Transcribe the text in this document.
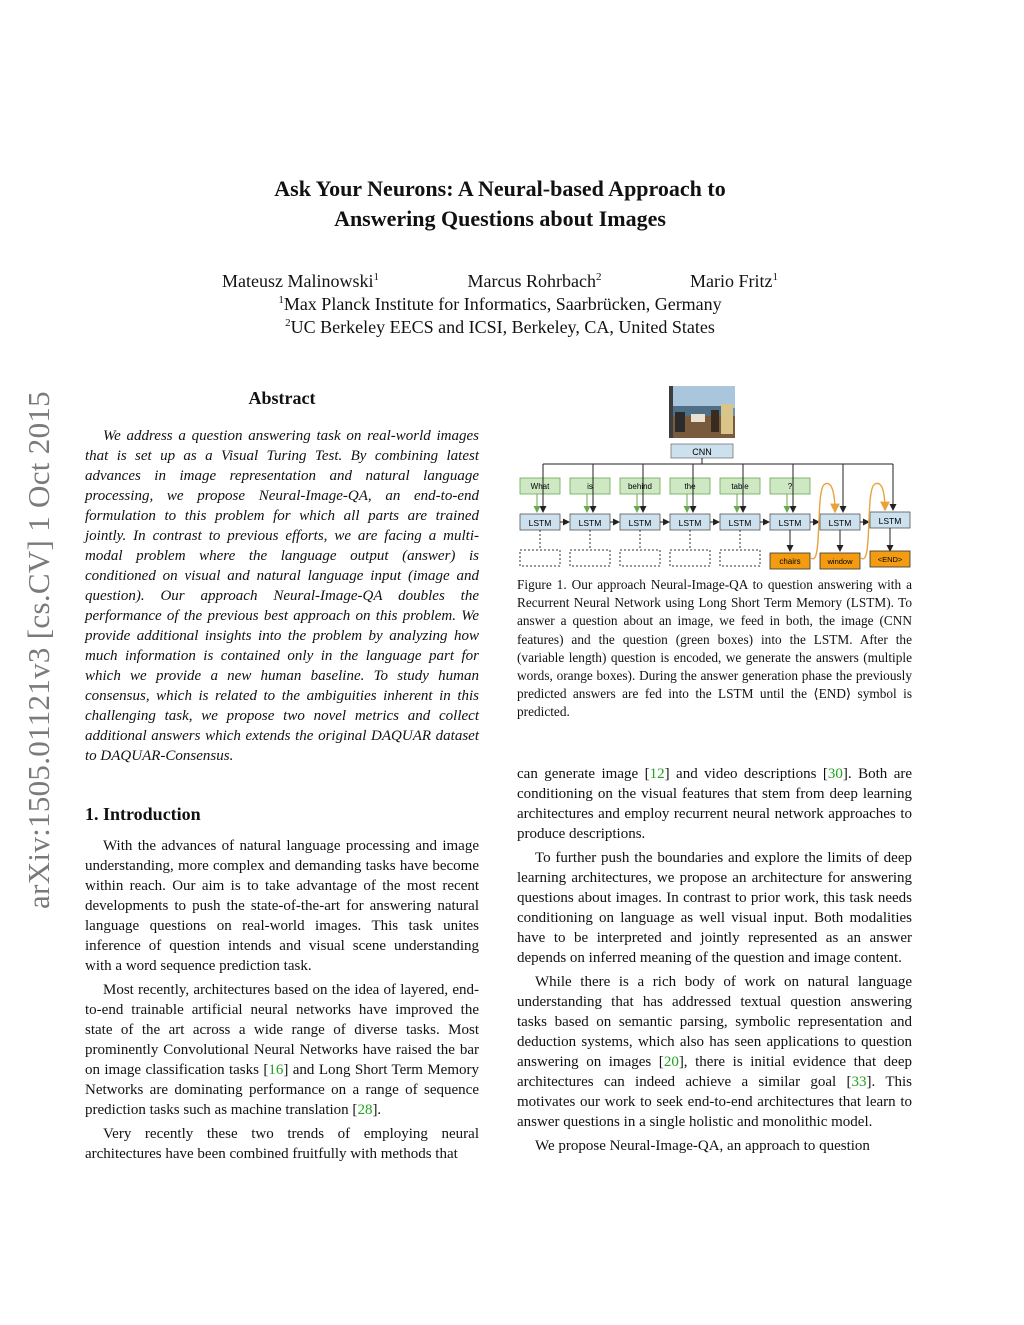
arXiv:1505.01121v3 [cs.CV] 1 Oct 2015
Ask Your Neurons: A Neural-based Approach to
Answering Questions about Images
Mateusz Malinowski$^1$	Marcus Rohrbach$^2$	Mario Fritz$^1$
$^1$Max Planck Institute for Informatics, Saarbrücken, Germany
$^2$UC Berkeley EECS and ICSI, Berkeley, CA, United States
Abstract

We address a question answering task on real-world images that is set up as a Visual Turing Test. By combining latest advances in image representation and natural language processing, we propose Neural-Image-QA, an end-to-end formulation to this problem for which all parts are trained jointly. In contrast to previous efforts, we are facing a multi-modal problem where the language output (answer) is conditioned on visual and natural language input (image and question). Our approach Neural-Image-QA doubles the performance of the previous best approach on this problem. We provide additional insights into the problem by analyzing how much information is contained only in the language part for which we provide a new human baseline. To study human consensus, which is related to the ambiguities inherent in this challenging task, we propose two novel metrics and collect additional answers which extends the original DAQUAR dataset to DAQUAR-Consensus.

1. Introduction

With the advances of natural language processing and image understanding, more complex and demanding tasks have become within reach. Our aim is to take advantage of the most recent developments to push the state-of-the-art for answering natural language questions on real-world images. This task unites inference of question intends and visual scene understanding with a word sequence prediction task.

Most recently, architectures based on the idea of layered, end-to-end trainable artificial neural networks have improved the state of the art across a wide range of diverse tasks. Most prominently Convolutional Neural Networks have raised the bar on image classification tasks [16] and Long Short Term Memory Networks are dominating performance on a range of sequence prediction tasks such as machine translation [28].

Very recently these two trends of employing neural architectures have been combined fruitfully with methods that

CNN
What	is	behind	the	table	?
LSTM	LSTM	LSTM	LSTM	LSTM	LSTM	LSTM	LSTM
chairs	window	<END>
Figure 1. Our approach Neural-Image-QA to question answering with a Recurrent Neural Network using Long Short Term Memory (LSTM). To answer a question about an image, we feed in both, the image (CNN features) and the question (green boxes) into the LSTM. After the (variable length) question is encoded, we generate the answers (multiple words, orange boxes). During the answer generation phase the previously predicted answers are fed into the LSTM until the ⟨END⟩ symbol is predicted.

can generate image [12] and video descriptions [30]. Both are conditioning on the visual features that stem from deep learning architectures and employ recurrent neural network approaches to produce descriptions.

To further push the boundaries and explore the limits of deep learning architectures, we propose an architecture for answering questions about images. In contrast to prior work, this task needs conditioning on language as well visual input. Both modalities have to be interpreted and jointly represented as an answer depends on inferred meaning of the question and image content.

While there is a rich body of work on natural language understanding that has addressed textual question answering tasks based on semantic parsing, symbolic representation and deduction systems, which also has seen applications to question answering on images [20], there is initial evidence that deep architectures can indeed achieve a similar goal [33]. This motivates our work to seek end-to-end architectures that learn to answer questions in a single holistic and monolithic model.

We propose Neural-Image-QA, an approach to question
